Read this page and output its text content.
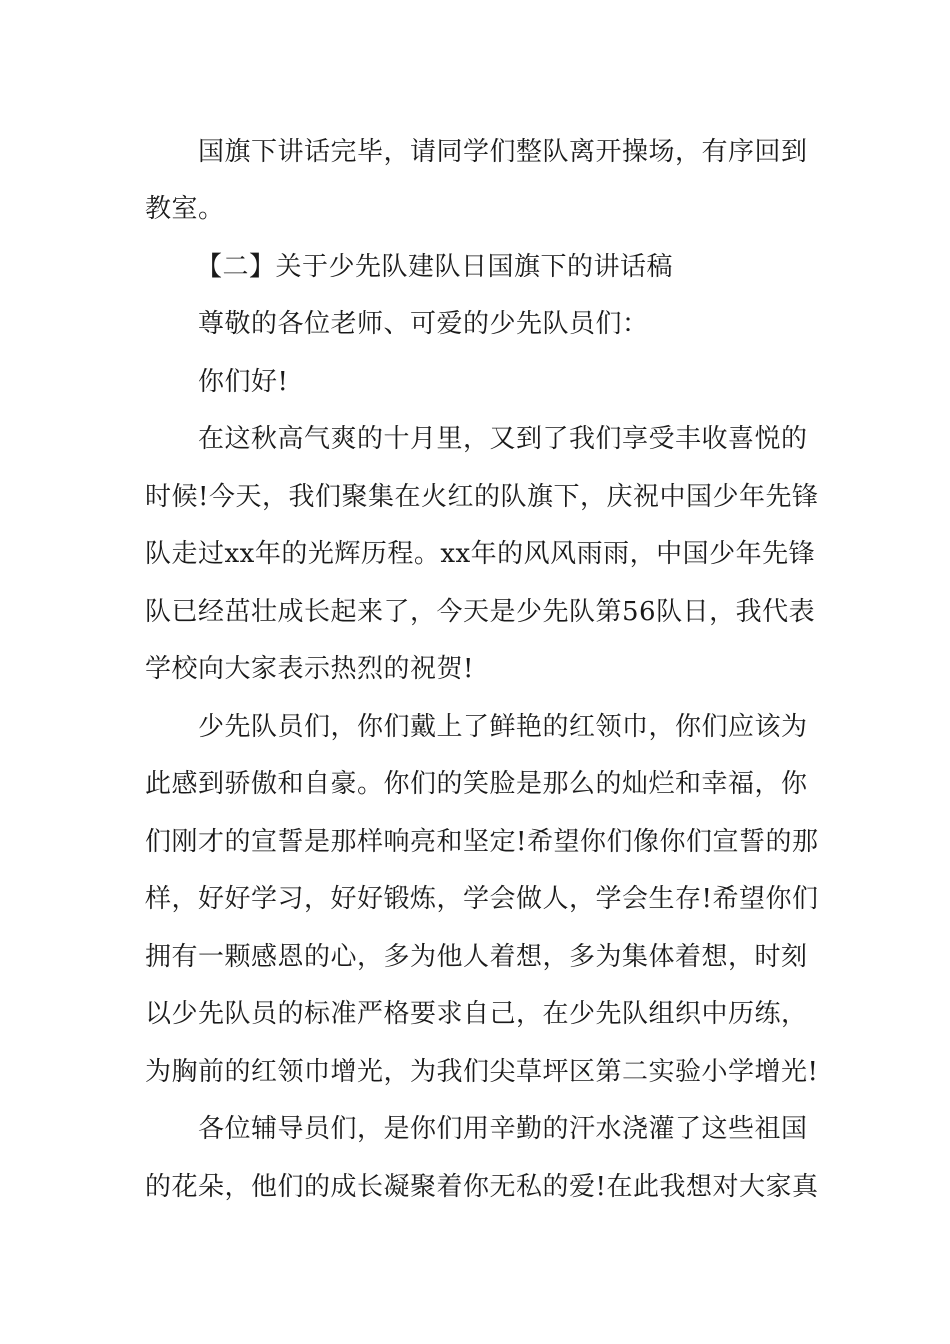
国旗下讲话完毕，请同学们整队离开操场，有序回到
教室。
【二】关于少先队建队日国旗下的讲话稿
尊敬的各位老师、可爱的少先队员们：
你们好!
在这秋高气爽的十月里，又到了我们享受丰收喜悦的
时候!今天，我们聚集在火红的队旗下，庆祝中国少年先锋
队走过xx年的光辉历程。xx年的风风雨雨，中国少年先锋
队已经茁壮成长起来了，今天是少先队第56队日，我代表
学校向大家表示热烈的祝贺!
少先队员们，你们戴上了鲜艳的红领巾，你们应该为
此感到骄傲和自豪。你们的笑脸是那么的灿烂和幸福，你
们刚才的宣誓是那样响亮和坚定!希望你们像你们宣誓的那
样，好好学习，好好锻炼，学会做人，学会生存!希望你们
拥有一颗感恩的心，多为他人着想，多为集体着想，时刻
以少先队员的标准严格要求自己，在少先队组织中历练，
为胸前的红领巾增光，为我们尖草坪区第二实验小学增光!
各位辅导员们，是你们用辛勤的汗水浇灌了这些祖国
的花朵，他们的成长凝聚着你无私的爱!在此我想对大家真
